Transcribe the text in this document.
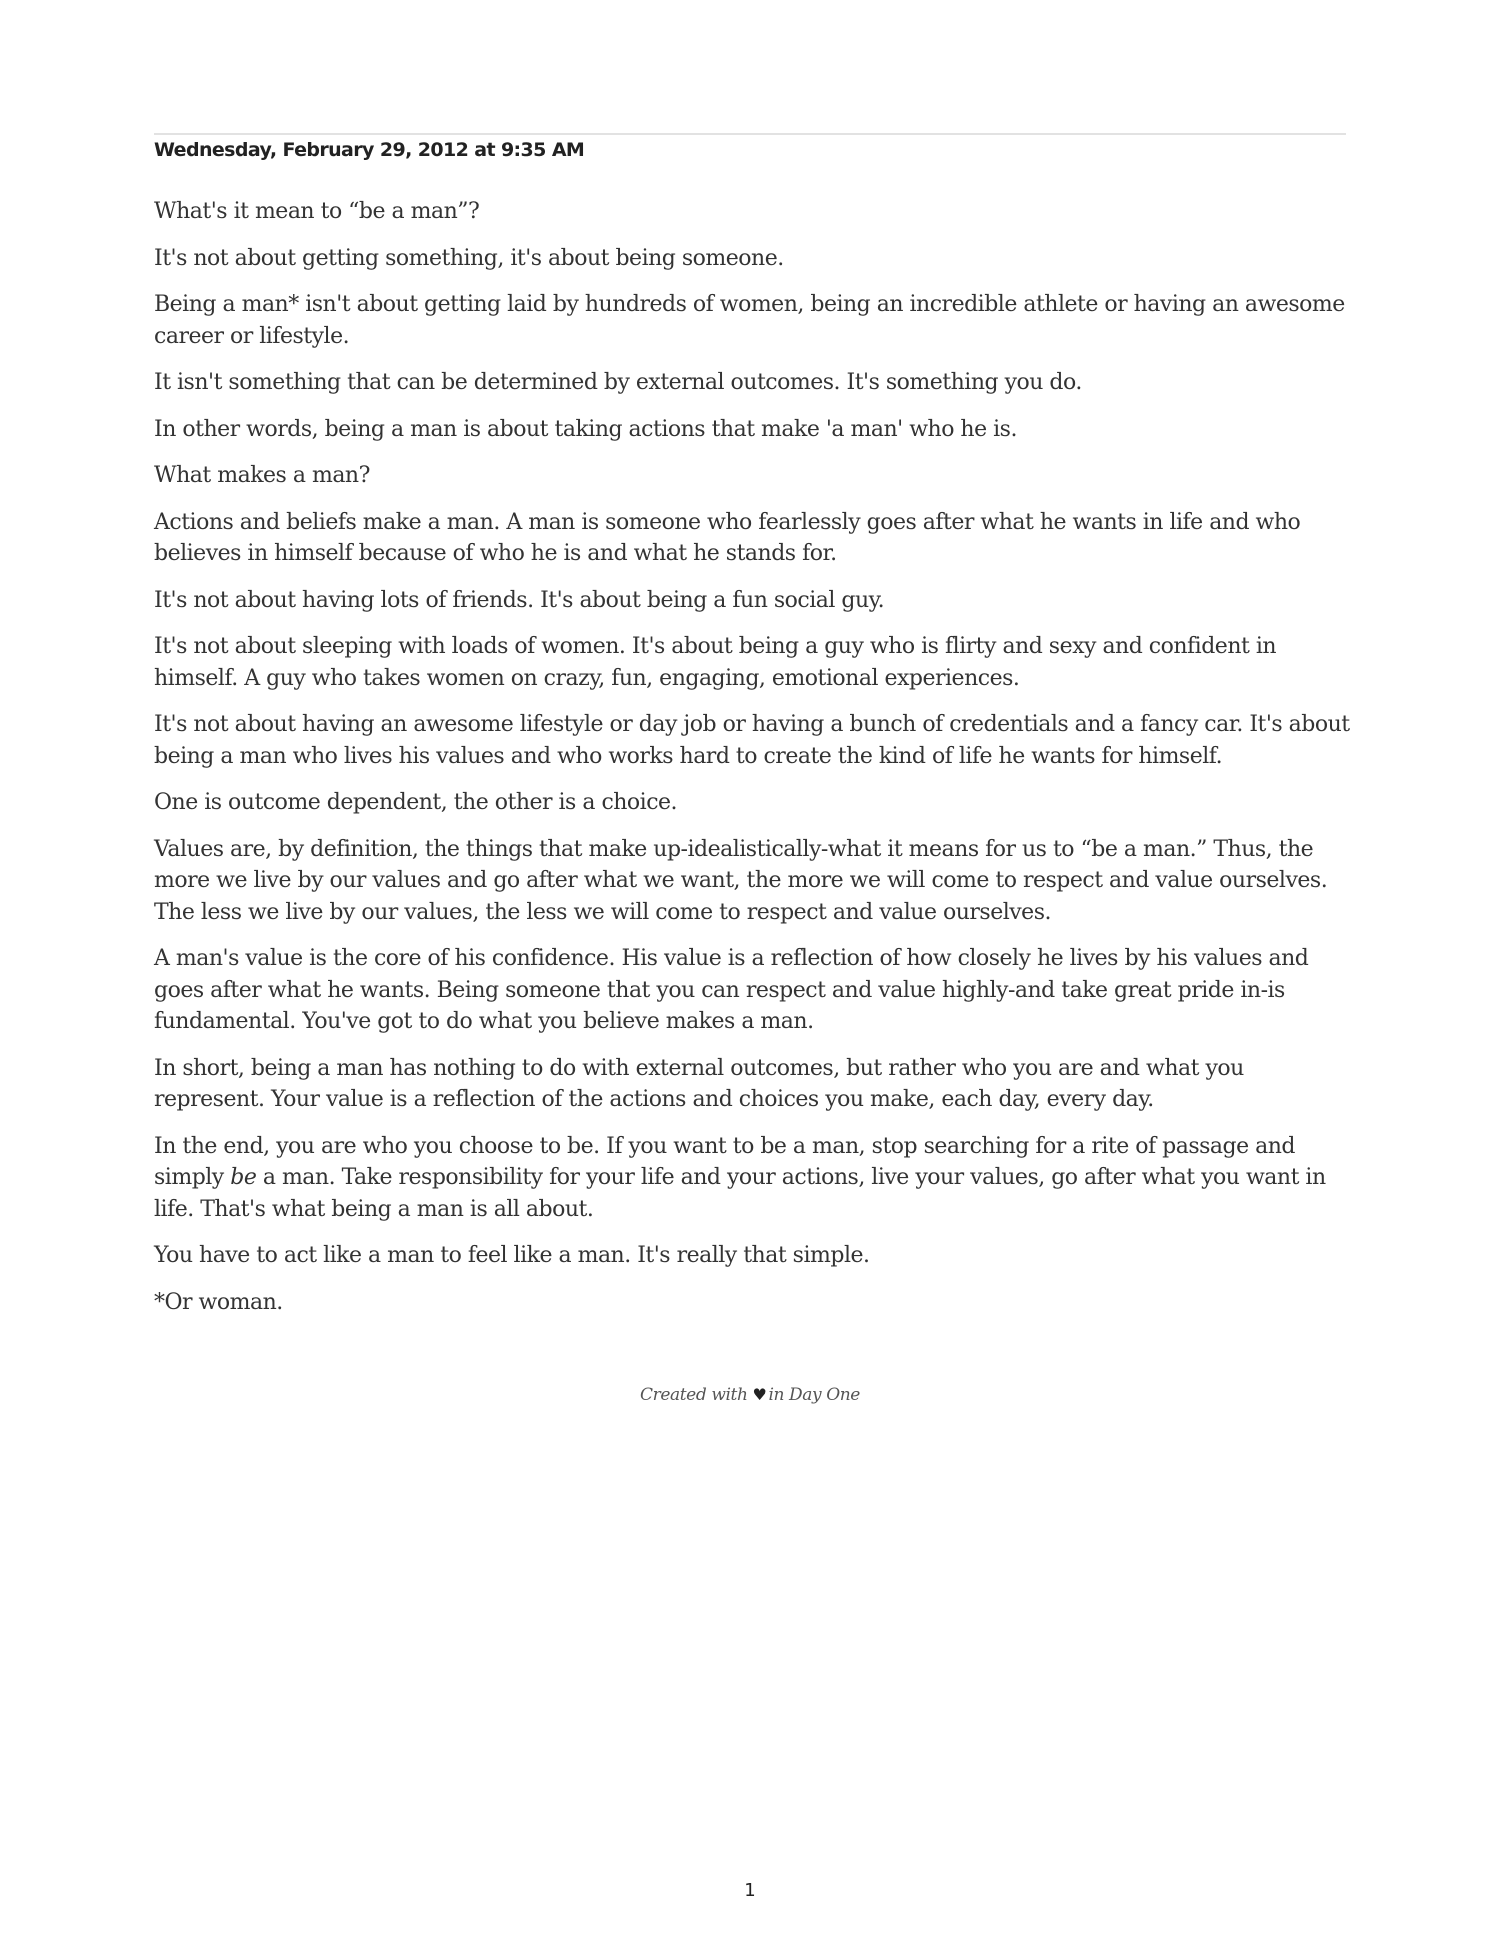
Wednesday, February 29, 2012 at 9:35 AM

What's it mean to “be a man”?

It's not about getting something, it's about being someone.

Being a man* isn't about getting laid by hundreds of women, being an incredible athlete or having an awesome career or lifestyle.

It isn't something that can be determined by external outcomes. It's something you do.

In other words, being a man is about taking actions that make 'a man' who he is.

What makes a man?

Actions and beliefs make a man. A man is someone who fearlessly goes after what he wants in life and who believes in himself because of who he is and what he stands for.

It's not about having lots of friends. It's about being a fun social guy.

It's not about sleeping with loads of women. It's about being a guy who is flirty and sexy and confident in himself. A guy who takes women on crazy, fun, engaging, emotional experiences.

It's not about having an awesome lifestyle or day job or having a bunch of credentials and a fancy car. It's about being a man who lives his values and who works hard to create the kind of life he wants for himself.

One is outcome dependent, the other is a choice.

Values are, by definition, the things that make up-idealistically-what it means for us to “be a man.” Thus, the more we live by our values and go after what we want, the more we will come to respect and value ourselves. The less we live by our values, the less we will come to respect and value ourselves.

A man's value is the core of his confidence. His value is a reflection of how closely he lives by his values and goes after what he wants. Being someone that you can respect and value highly-and take great pride in-is fundamental. You've got to do what you believe makes a man.

In short, being a man has nothing to do with external outcomes, but rather who you are and what you represent. Your value is a reflection of the actions and choices you make, each day, every day.

In the end, you are who you choose to be. If you want to be a man, stop searching for a rite of passage and simply be a man. Take responsibility for your life and your actions, live your values, go after what you want in life. That's what being a man is all about.

You have to act like a man to feel like a man. It's really that simple.

*Or woman.

Created with ♥ in Day One
1
